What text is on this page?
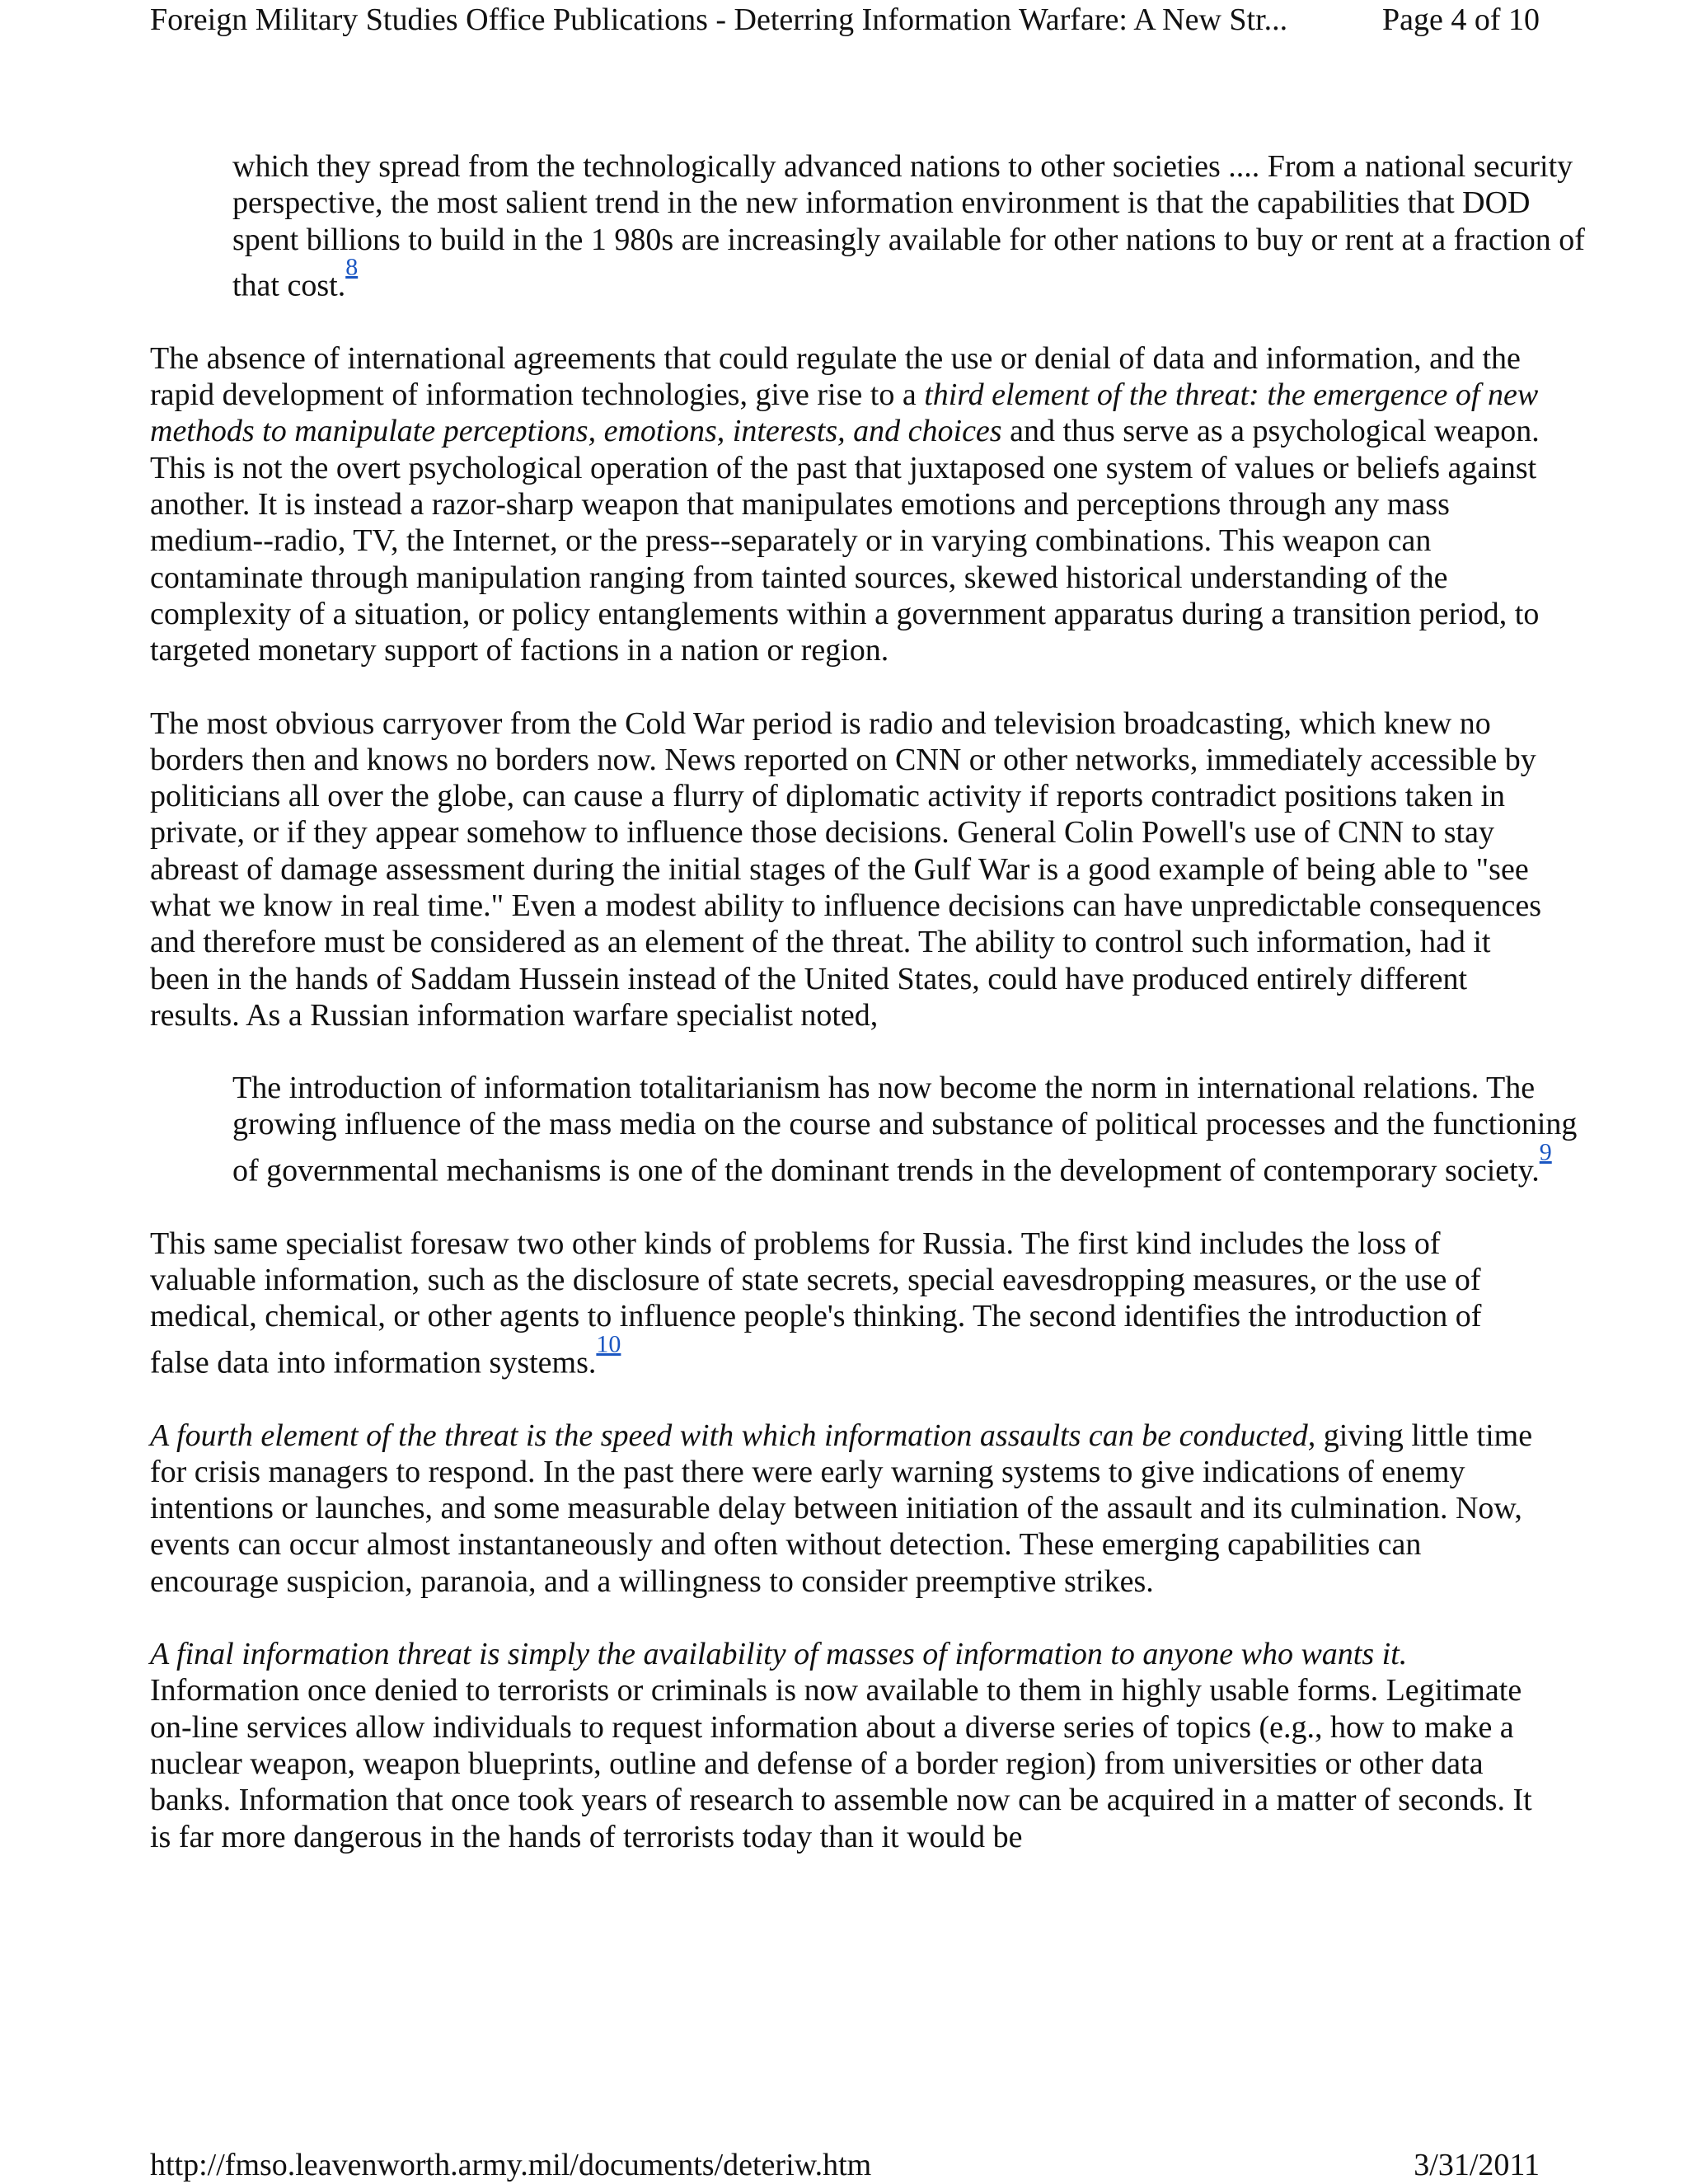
Foreign Military Studies Office Publications - Deterring Information Warfare: A New Str...	Page 4 of 10

which they spread from the technologically advanced nations to other societies .... From a national security perspective, the most salient trend in the new information environment is that the capabilities that DOD spent billions to build in the 1 980s are increasingly available for other nations to buy or rent at a fraction of that cost.$^8$

The absence of international agreements that could regulate the use or denial of data and information, and the rapid development of information technologies, give rise to a third element of the threat: the emergence of new methods to manipulate perceptions, emotions, interests, and choices and thus serve as a psychological weapon. This is not the overt psychological operation of the past that juxtaposed one system of values or beliefs against another. It is instead a razor-sharp weapon that manipulates emotions and perceptions through any mass medium--radio, TV, the Internet, or the press--separately or in varying combinations. This weapon can contaminate through manipulation ranging from tainted sources, skewed historical understanding of the complexity of a situation, or policy entanglements within a government apparatus during a transition period, to targeted monetary support of factions in a nation or region.

The most obvious carryover from the Cold War period is radio and television broadcasting, which knew no borders then and knows no borders now. News reported on CNN or other networks, immediately accessible by politicians all over the globe, can cause a flurry of diplomatic activity if reports contradict positions taken in private, or if they appear somehow to influence those decisions. General Colin Powell's use of CNN to stay abreast of damage assessment during the initial stages of the Gulf War is a good example of being able to "see what we know in real time." Even a modest ability to influence decisions can have unpredictable consequences and therefore must be considered as an element of the threat. The ability to control such information, had it been in the hands of Saddam Hussein instead of the United States, could have produced entirely different results. As a Russian information warfare specialist noted,

The introduction of information totalitarianism has now become the norm in international relations. The growing influence of the mass media on the course and substance of political processes and the functioning of governmental mechanisms is one of the dominant trends in the development of contemporary society.$^9$

This same specialist foresaw two other kinds of problems for Russia. The first kind includes the loss of valuable information, such as the disclosure of state secrets, special eavesdropping measures, or the use of medical, chemical, or other agents to influence people's thinking. The second identifies the introduction of false data into information systems.$^{10}$

A fourth element of the threat is the speed with which information assaults can be conducted, giving little time for crisis managers to respond. In the past there were early warning systems to give indications of enemy intentions or launches, and some measurable delay between initiation of the assault and its culmination. Now, events can occur almost instantaneously and often without detection. These emerging capabilities can encourage suspicion, paranoia, and a willingness to consider preemptive strikes.

A final information threat is simply the availability of masses of information to anyone who wants it. Information once denied to terrorists or criminals is now available to them in highly usable forms. Legitimate on-line services allow individuals to request information about a diverse series of topics (e.g., how to make a nuclear weapon, weapon blueprints, outline and defense of a border region) from universities or other data banks. Information that once took years of research to assemble now can be acquired in a matter of seconds. It is far more dangerous in the hands of terrorists today than it would be

http://fmso.leavenworth.army.mil/documents/deteriw.htm	3/31/2011
